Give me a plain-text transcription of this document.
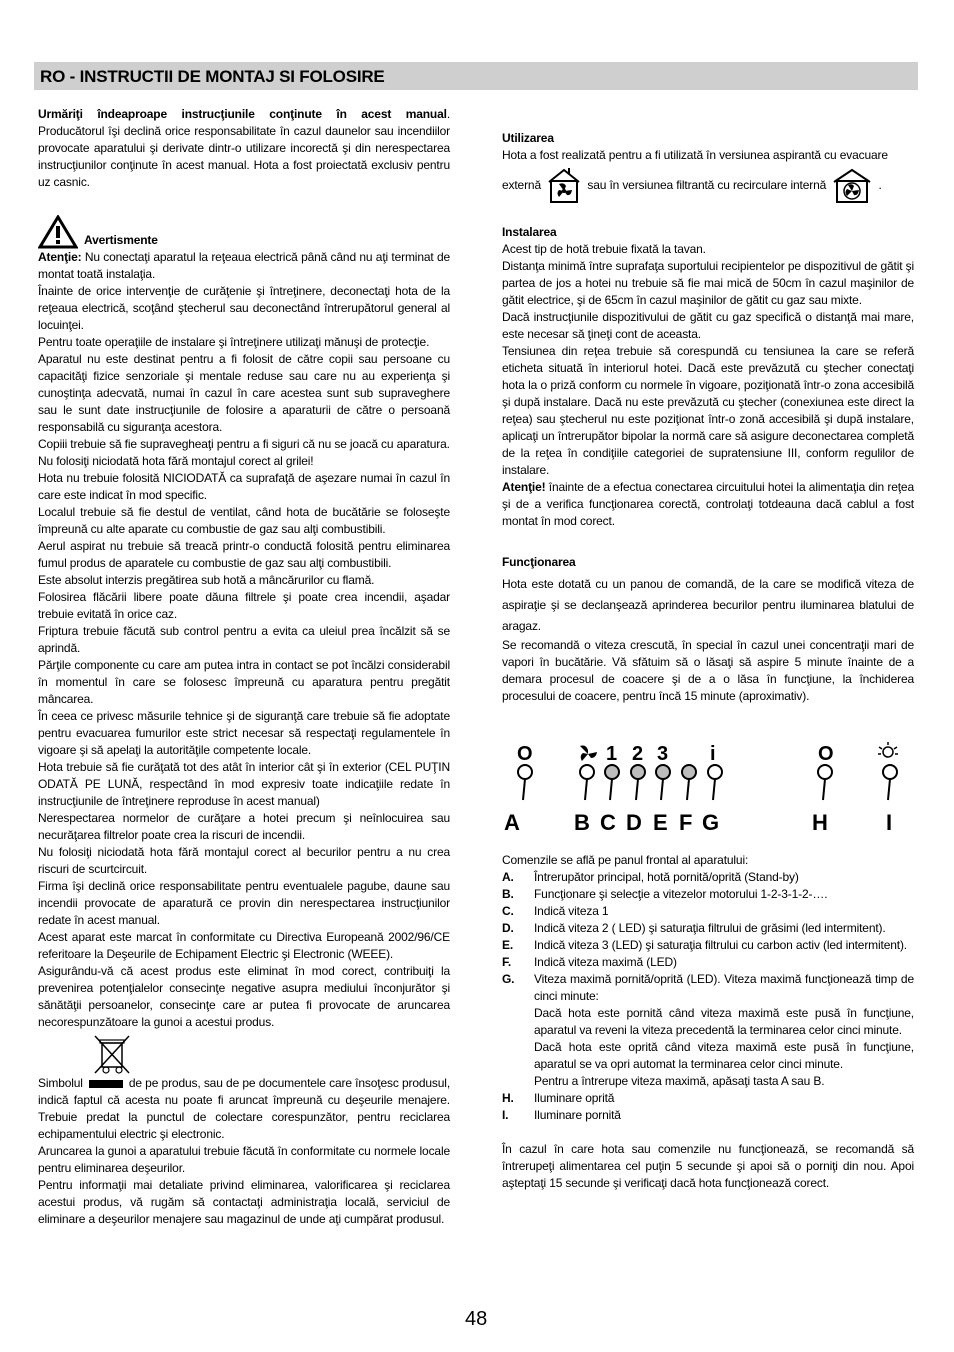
RO - INSTRUCTII DE MONTAJ SI FOLOSIRE

Urmăriţi îndeaproape instrucţiunile conţinute în acest manual. Producătorul îşi declină orice responsabilitate în cazul daunelor sau incendiilor provocate aparatului şi derivate dintr-o utilizare incorectă şi din nerespectarea instrucţiunilor conţinute în acest manual. Hota a fost proiectată exclusiv pentru uz casnic.

Avertismente

Atenţie: Nu conectaţi aparatul la reţeaua electrică până când nu aţi terminat de montat toată instalaţia.

Înainte de orice intervenţie de curăţenie şi întreţinere, deconectaţi hota de la reţeaua electrică, scoţând ştecherul sau deconectând întrerupătorul general al locuinţei.

Pentru toate operaţiile de instalare şi întreţinere utilizaţi mănuşi de protecţie.

Aparatul nu este destinat pentru a fi folosit de către copii sau persoane cu capacităţi fizice senzoriale şi mentale reduse sau care nu au experienţa şi cunoştinţa adecvată, numai în cazul în care acestea sunt sub supraveghere sau le sunt date instrucţiunile de folosire a aparaturii de către o persoană responsabilă cu siguranţa acestora.

Copiii trebuie să fie supravegheaţi pentru a fi siguri că nu se joacă cu aparatura.

Nu folosiţi niciodată hota fără montajul corect al grilei!

Hota nu trebuie folosită NICIODATĂ ca suprafaţă de aşezare numai în cazul în care este indicat în mod specific.

Localul trebuie să fie destul de ventilat, când hota de bucătărie se foloseşte împreună cu alte aparate cu combustie de gaz sau alţi combustibili.

Aerul aspirat nu trebuie să treacă printr-o conductă folosită pentru eliminarea fumul produs de aparatele cu combustie de gaz sau alţi combustibili.

Este absolut interzis pregătirea sub hotă a mâncărurilor cu flamă.

Folosirea flăcării libere poate dăuna filtrele şi poate crea incendii, aşadar trebuie evitată în orice caz.

Friptura trebuie făcută sub control pentru a evita ca uleiul prea încălzit să se aprindă.

Părţile componente cu care am putea intra in contact se pot încălzi considerabil în momentul în care se folosesc împreună cu aparatura pentru pregătit mâncarea.

În ceea ce privesc măsurile tehnice şi de siguranţă care trebuie să fie adoptate pentru evacuarea fumurilor este strict necesar să respectaţi regulamentele în vigoare şi să apelaţi la autorităţile competente locale.

Hota trebuie să fie curăţată tot des atât în interior cât şi în exterior (CEL PUŢIN ODATĂ PE LUNĂ, respectând în mod expresiv toate indicaţiile redate în instrucţiunile de întreţinere reproduse în acest manual)

Nerespectarea normelor de curăţare a hotei precum şi neînlocuirea sau necurăţarea filtrelor poate crea la riscuri de incendii.

Nu folosiţi niciodată hota fără montajul corect al becurilor pentru a nu crea riscuri de scurtcircuit.

Firma îşi declină orice responsabilitate pentru eventualele pagube, daune sau incendii provocate de aparatură ce provin din nerespectarea instrucţiunilor redate în acest manual.

Acest aparat este marcat în conformitate cu Directiva Europeană 2002/96/CE referitoare la Deşeurile de Echipament Electric şi Electronic (WEEE).

Asigurându-vă că acest produs este eliminat în mod corect, contribuiţi la prevenirea potenţialelor consecinţe negative asupra mediului înconjurător şi sănătăţii persoanelor, consecinţe care ar putea fi provocate de aruncarea necorespunzătoare la gunoi a acestui produs.

Simbolul	de pe produs, sau de pe documentele care însoţesc produsul, indică faptul că acesta nu poate fi aruncat împreună cu deşeurile menajere. Trebuie predat la punctul de colectare corespunzător, pentru reciclarea echipamentului electric şi electronic.

Aruncarea la gunoi a aparatului trebuie făcută în conformitate cu normele locale pentru eliminarea deşeurilor.

Pentru informaţii mai detaliate privind eliminarea, valorificarea şi reciclarea acestui produs, vă rugăm să contactaţi administraţia locală, serviciul de eliminare a deşeurilor menajere sau magazinul de unde aţi cumpărat produsul.

Utilizarea

Hota a fost realizată pentru a fi utilizată în versiunea aspirantă cu evacuare

externă	sau în versiunea filtrantă cu recirculare internă	.

Instalarea

Acest tip de hotă trebuie fixată la tavan.

Distanţa minimă între suprafaţa suportului recipientelor pe dispozitivul de gătit şi partea de jos a hotei nu trebuie să fie mai mică de 50cm în cazul maşinilor de gătit electrice, şi de 65cm în cazul maşinilor de gătit cu gaz sau mixte.

Dacă instrucţiunile dispozitivului de gătit cu gaz specifică o distanţă mai mare, este necesar să ţineţi cont de aceasta.

Tensiunea din reţea trebuie să corespundă cu tensiunea la care se referă eticheta situată în interiorul hotei. Dacă este prevăzută cu ştecher conectaţi hota la o priză conform cu normele în vigoare, poziţionată într-o zona accesibilă şi după instalare. Dacă nu este prevăzută cu ştecher (conexiunea este direct la reţea) sau ştecherul nu este poziţionat într-o zonă accesibilă şi după instalare, aplicaţi un întrerupător bipolar la normă care să asigure deconectarea completă de la reţea în condiţiile categoriei de supratensiune III, conform regulilor de instalare.

Atenţie! înainte de a efectua conectarea circuitului hotei la alimentaţia din reţea şi de a verifica funcţionarea corectă, controlaţi totdeauna dacă cablul a fost montat în mod corect.

Funcţionarea

Hota este dotată cu un panou de comandă, de la care se modifică viteza de aspiraţie şi se declanşează aprinderea becurilor pentru iluminarea blatului de aragaz.

Se recomandă o viteza crescută, în special în cazul unei concentraţii mari de vapori în bucătărie. Vă sfătuim să o lăsaţi să aspire 5 minute înainte de a demara procesul de coacere şi de a o lăsa în funcţiune, la închiderea procesului de coacere, pentru încă 15 minute (aproximativ).

O	1 2 3 i	O
A B C D E F G	H	I

Comenzile se află pe panul frontal al aparatului:

A.	Întrerupător principal, hotă pornită/oprită (Stand-by)
B.	Funcţionare şi selecţie a vitezelor motorului 1-2-3-1-2-….
C.	Indică viteza 1
D.	Indică viteza 2 ( LED) şi saturaţia filtrului de grăsimi (led intermitent).
E.	Indică viteza 3 (LED) şi saturaţia filtrului cu carbon activ (led intermitent).
F.	Indică viteza maximă (LED)
G.	Viteza maximă pornită/oprită (LED). Viteza maximă funcţionează timp de cinci minute:
Dacă hota este pornită când viteza maximă este pusă în funcţiune, aparatul va reveni la viteza precedentă la terminarea celor cinci minute.
Dacă hota este oprită când viteza maximă este pusă în funcţiune, aparatul se va opri automat la terminarea celor cinci minute.
Pentru a întrerupe viteza maximă, apăsaţi tasta A sau B.
H.	Iluminare oprită
I.	Iluminare pornită

În cazul în care hota sau comenzile nu funcţionează, se recomandă să întrerupeţi alimentarea cel puţin 5 secunde şi apoi să o porniţi din nou. Apoi aşteptaţi 15 secunde şi verificaţi dacă hota funcţionează corect.

48
